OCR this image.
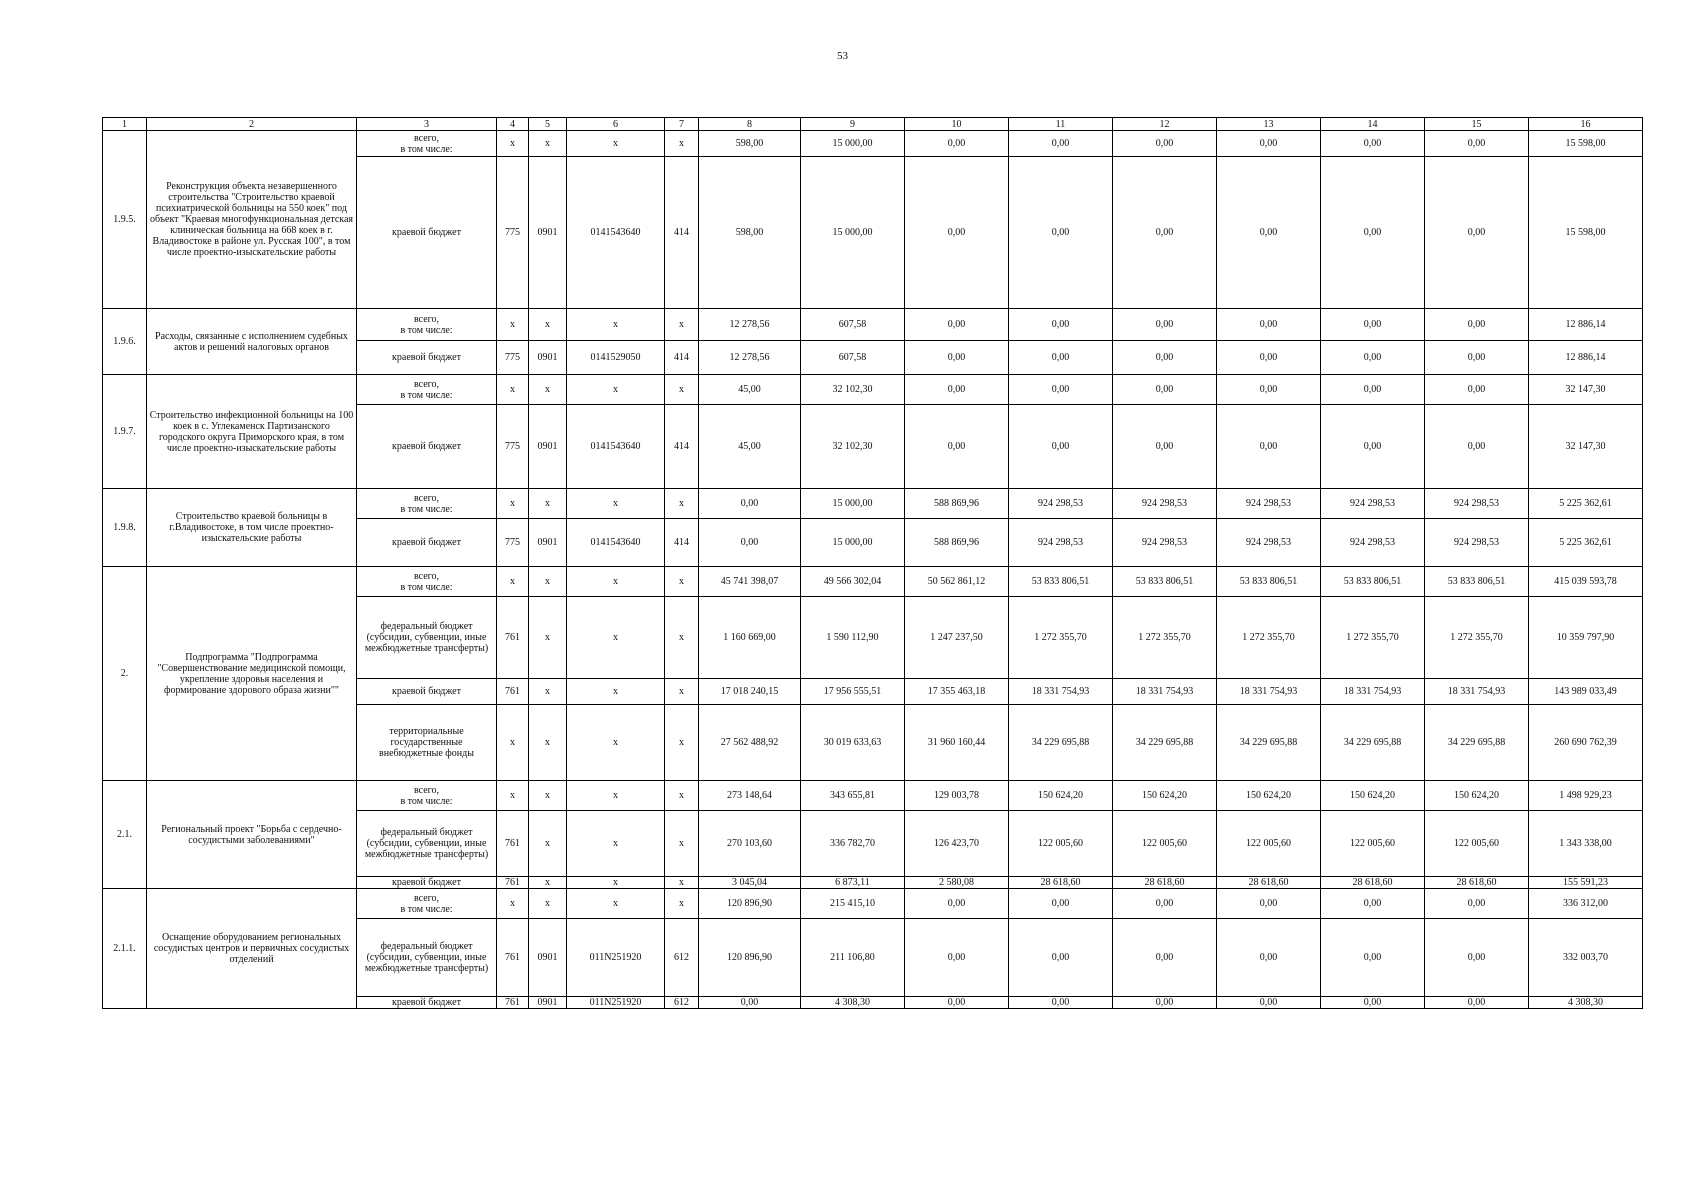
53
1	2	3	4	5	6	7	8	9	10	11	12	13	14	15	16
1.9.5.	Реконструкция объекта незавершенного строительства "Строительство краевой психиатрической больницы на 550 коек" под объект "Краевая многофункциональная детская клиническая больница на 668 коек в г. Владивостоке в районе ул. Русская 100", в том числе проектно-изыскательские работы	всего,
в том числе:	x	x	x	x	598,00	15 000,00	0,00	0,00	0,00	0,00	0,00	0,00	15 598,00

		краевой бюджет	775	0901	0141543640	414	598,00	15 000,00	0,00	0,00	0,00	0,00	0,00	0,00	15 598,00
1.9.6.	Расходы, связанные с исполнением судебных актов и решений налоговых органов	всего,
в том числе:	x	x	x	x	12 278,56	607,58	0,00	0,00	0,00	0,00	0,00	0,00	12 886,14

		краевой бюджет	775	0901	0141529050	414	12 278,56	607,58	0,00	0,00	0,00	0,00	0,00	0,00	12 886,14
1.9.7.	Строительство инфекционной больницы на 100 коек в с. Углекаменск Партизанского городского округа Приморского края, в том числе проектно-изыскательские работы	всего,
в том числе:	x	x	x	x	45,00	32 102,30	0,00	0,00	0,00	0,00	0,00	0,00	32 147,30

		краевой бюджет	775	0901	0141543640	414	45,00	32 102,30	0,00	0,00	0,00	0,00	0,00	0,00	32 147,30
1.9.8.	Строительство краевой больницы в г.Владивостоке, в том числе проектно-изыскательские работы	всего,
в том числе:	x	x	x	x	0,00	15 000,00	588 869,96	924 298,53	924 298,53	924 298,53	924 298,53	924 298,53	5 225 362,61

		краевой бюджет	775	0901	0141543640	414	0,00	15 000,00	588 869,96	924 298,53	924 298,53	924 298,53	924 298,53	924 298,53	5 225 362,61
2.	Подпрограмма "Подпрограмма "Совершенствование медицинской помощи, укрепление здоровья населения и формирование здорового образа жизни""	всего,
в том числе:	x	x	x	x	45 741 398,07	49 566 302,04	50 562 861,12	53 833 806,51	53 833 806,51	53 833 806,51	53 833 806,51	53 833 806,51	415 039 593,78

		федеральный бюджет (субсидии, субвенции, иные межбюджетные трансферты)	761	x	x	x	1 160 669,00	1 590 112,90	1 247 237,50	1 272 355,70	1 272 355,70	1 272 355,70	1 272 355,70	1 272 355,70	10 359 797,90

		краевой бюджет	761	x	x	x	17 018 240,15	17 956 555,51	17 355 463,18	18 331 754,93	18 331 754,93	18 331 754,93	18 331 754,93	18 331 754,93	143 989 033,49

		территориальные государственные внебюджетные фонды	x	x	x	x	27 562 488,92	30 019 633,63	31 960 160,44	34 229 695,88	34 229 695,88	34 229 695,88	34 229 695,88	34 229 695,88	260 690 762,39
2.1.	Региональный проект "Борьба с сердечно-сосудистыми заболеваниями"	всего,
в том числе:	x	x	x	x	273 148,64	343 655,81	129 003,78	150 624,20	150 624,20	150 624,20	150 624,20	150 624,20	1 498 929,23

		федеральный бюджет (субсидии, субвенции, иные межбюджетные трансферты)	761	x	x	x	270 103,60	336 782,70	126 423,70	122 005,60	122 005,60	122 005,60	122 005,60	122 005,60	1 343 338,00

		краевой бюджет	761	x	x	x	3 045,04	6 873,11	2 580,08	28 618,60	28 618,60	28 618,60	28 618,60	28 618,60	155 591,23
2.1.1.	Оснащение оборудованием региональных сосудистых центров и первичных сосудистых отделений	всего,
в том числе:	x	x	x	x	120 896,90	215 415,10	0,00	0,00	0,00	0,00	0,00	0,00	336 312,00

		федеральный бюджет (субсидии, субвенции, иные межбюджетные трансферты)	761	0901	011N251920	612	120 896,90	211 106,80	0,00	0,00	0,00	0,00	0,00	0,00	332 003,70

		краевой бюджет	761	0901	011N251920	612	0,00	4 308,30	0,00	0,00	0,00	0,00	0,00	0,00	4 308,30
